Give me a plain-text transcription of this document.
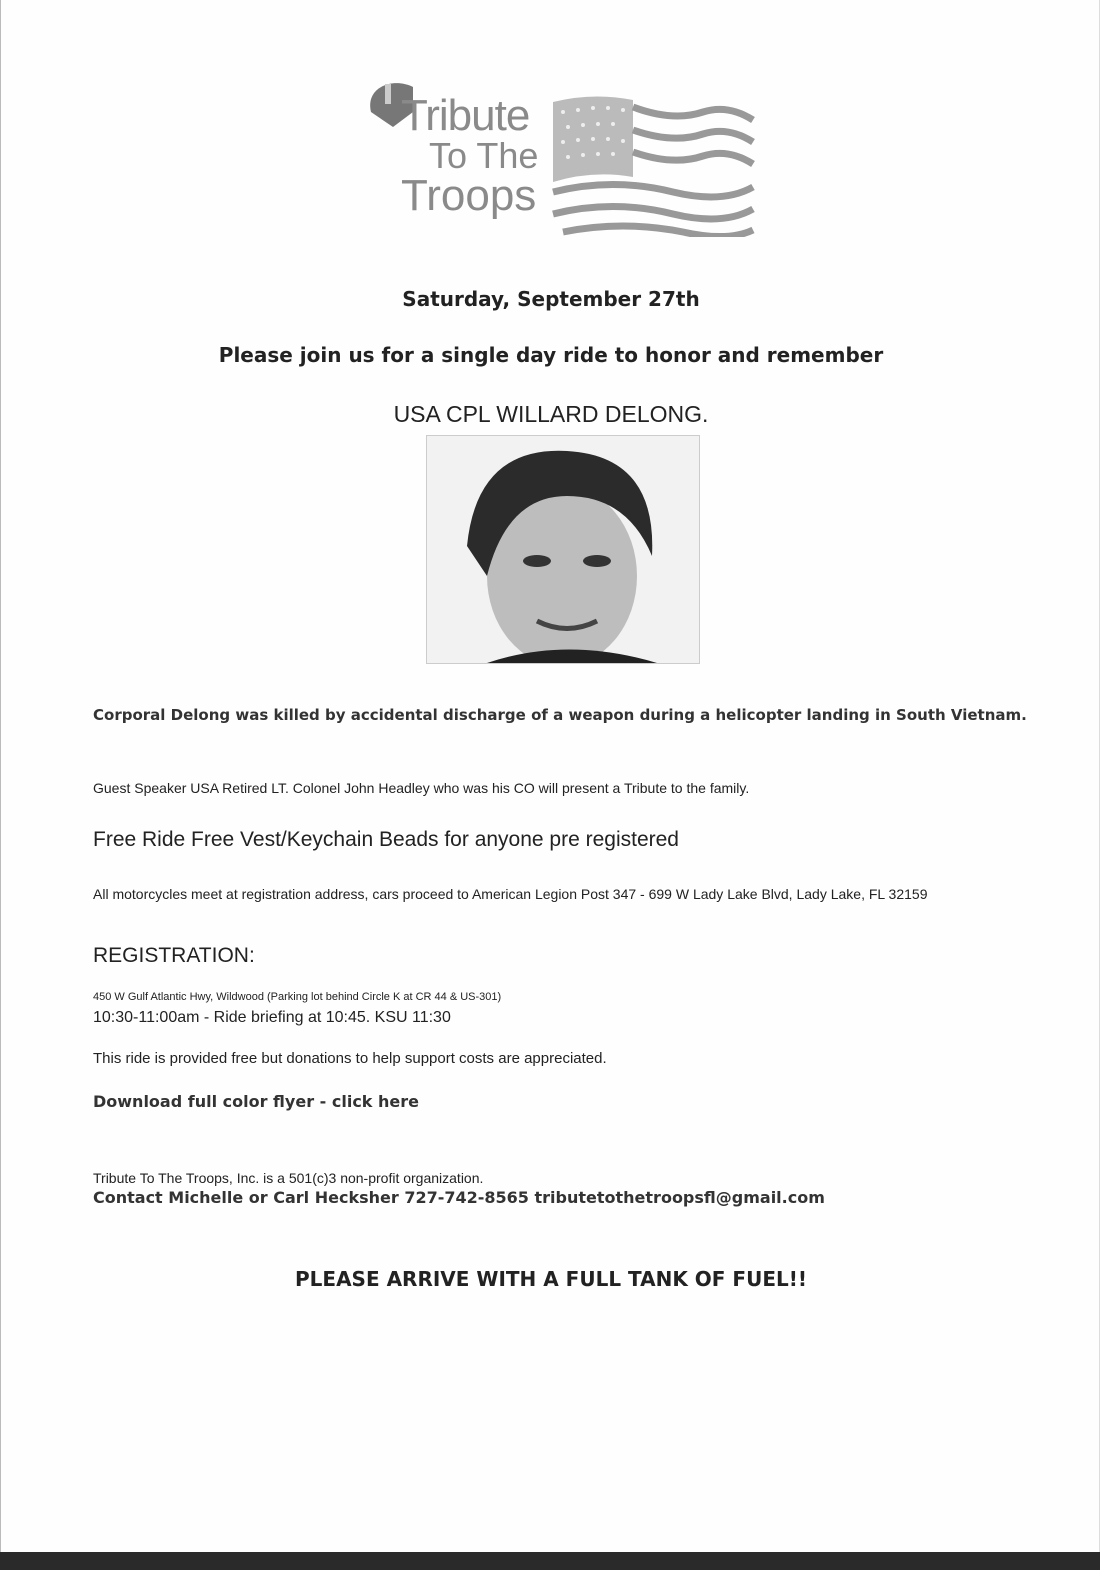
Tribute
To The
Troops
Saturday, September 27th
Please join us for a single day ride to honor and remember
USA CPL WILLARD DELONG.
Corporal Delong was killed by accidental discharge of a weapon during a helicopter landing in South Vietnam.
Guest Speaker USA Retired LT. Colonel John Headley who was his CO will present a Tribute to the family.
Free Ride Free Vest/Keychain Beads for anyone pre registered
All motorcycles meet at registration address, cars proceed to American Legion Post 347 - 699 W Lady Lake Blvd, Lady Lake, FL 32159
REGISTRATION:
450 W Gulf Atlantic Hwy, Wildwood (Parking lot behind Circle K at CR 44 & US-301)
10:30-11:00am - Ride briefing at 10:45. KSU 11:30
This ride is provided free but donations to help support costs are appreciated.
Download full color flyer - click here
Tribute To The Troops, Inc. is a 501(c)3 non-profit organization.
Contact Michelle or Carl Hecksher 727-742-8565 tributetothetroopsfl@gmail.com
PLEASE ARRIVE WITH A FULL TANK OF FUEL!!
